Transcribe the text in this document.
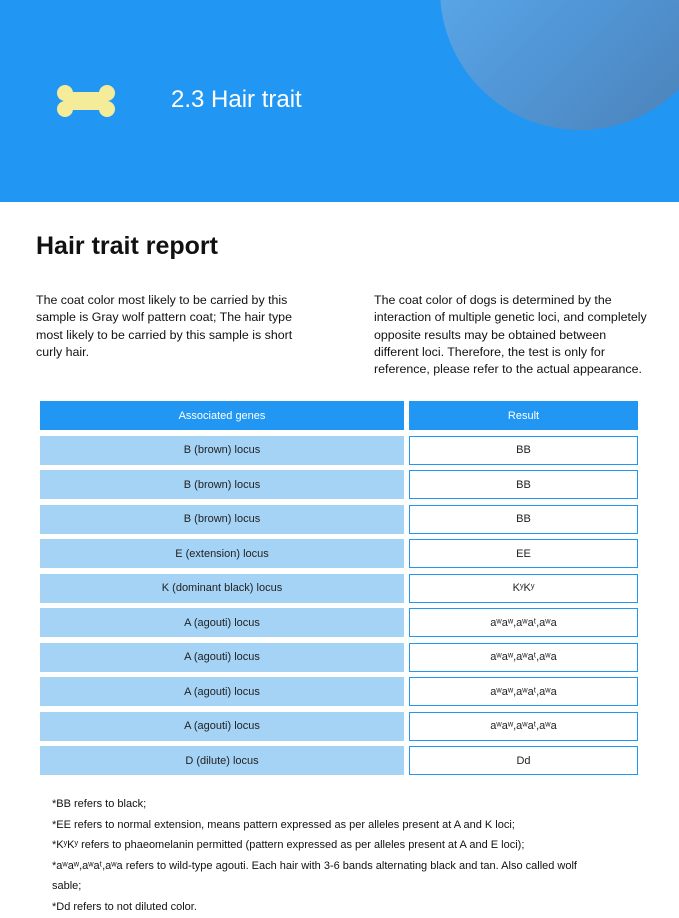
2.3 Hair trait
Hair trait report
The coat color most likely to be carried by this sample is Gray wolf pattern coat; The hair type most likely to be carried by this sample is short curly hair.
The coat color of dogs is determined by the interaction of multiple genetic loci, and completely opposite results may be obtained between different loci. Therefore, the test is only for reference, please refer to the actual appearance.
Associated genes	Result
B (brown) locus	BB
B (brown) locus	BB
B (brown) locus	BB
E (extension) locus	EE
K (dominant black) locus	KʸKʸ
A (agouti) locus	aʷaʷ,aʷaᵗ,aʷa
A (agouti) locus	aʷaʷ,aʷaᵗ,aʷa
A (agouti) locus	aʷaʷ,aʷaᵗ,aʷa
A (agouti) locus	aʷaʷ,aʷaᵗ,aʷa
D (dilute) locus	Dd
*BB refers to black;
*EE refers to normal extension, means pattern expressed as per alleles present at A and K loci;
*KʸKʸ refers to phaeomelanin permitted (pattern expressed as per alleles present at A and E loci);
*aʷaʷ,aʷaᵗ,aʷa refers to wild-type agouti. Each hair with 3-6 bands alternating black and tan. Also called wolf
sable;
*Dd refers to not diluted color.
